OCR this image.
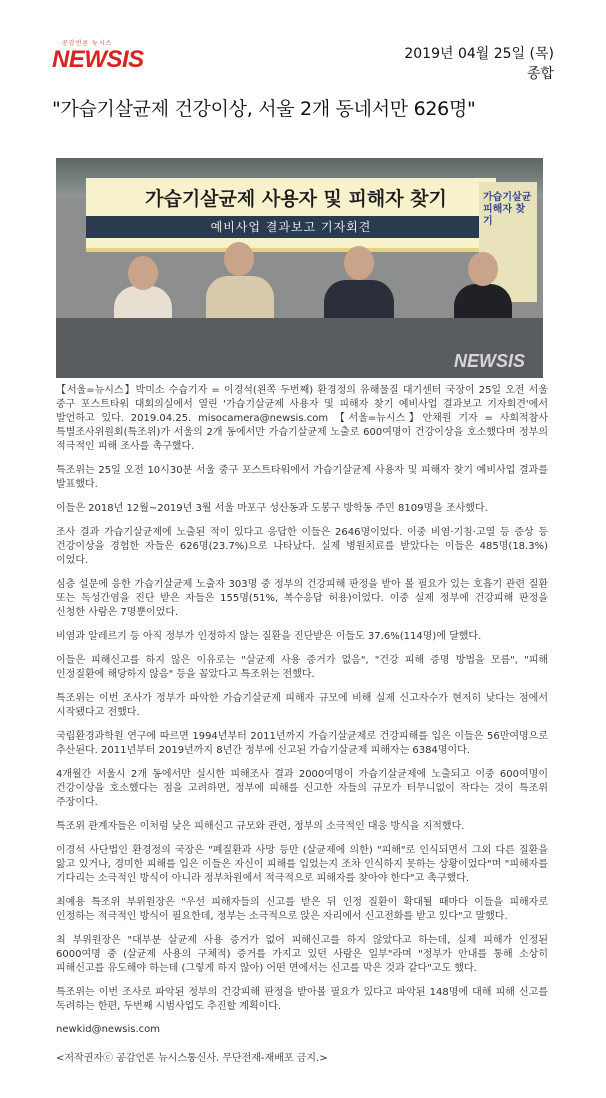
공감언론 뉴시스
NEWSIS	2019년 04월 25일 (목)
종합
"가습기살균제 건강이상, 서울 2개 동네서만 626명"
가습기살균제 사용자 및 피해자 찾기
예비사업 결과보고 기자회견
가습기살균 피해자 찾기
NEWSIS

【서울=뉴시스】박미소 수습기자 = 이경석(왼쪽 두번째) 환경정의 유해물질 대기센터 국장이 25일 오전 서울 중구 포스트타워 대회의실에서 열린 '가습기살균제 사용자 및 피해자 찾기 예비사업 결과보고 기자회견'에서 발언하고 있다. 2019.04.25. misocamera@newsis.com 【서울=뉴시스】안채원 기자 = 사회적참사 특별조사위원회(특조위)가 서울의 2개 동에서만 가습기살균제 노출로 600여명이 건강이상을 호소했다며 정부의 적극적인 피해 조사를 촉구했다.

특조위는 25일 오전 10시30분 서울 중구 포스트타워에서 가습기살균제 사용자 및 피해자 찾기 예비사업 결과를 발표했다.

이들은 2018년 12월~2019년 3월 서울 마포구 성산동과 도봉구 방학동 주민 8109명을 조사했다.

조사 결과 가습기살균제에 노출된 적이 있다고 응답한 이들은 2646명이었다. 이중 비염·기침·고열 등 증상 등 건강이상을 경험한 자들은 626명(23.7%)으로 나타났다. 실제 병원치료를 받았다는 이들은 485명(18.3%)이었다.

심층 설문에 응한 가습기살균제 노출자 303명 중 정부의 건강피해 판정을 받아 볼 필요가 있는 호흡기 관련 질환 또는 독성간염을 진단 받은 자들은 155명(51%, 복수응답 허용)이었다. 이중 실제 정부에 건강피해 판정을 신청한 사람은 7명뿐이었다.

비염과 알레르기 등 아직 정부가 인정하지 않는 질환을 진단받은 이들도 37.6%(114명)에 달했다.

이들은 피해신고를 하지 않은 이유로는 "살균제 사용 증거가 없음", "건강 피해 증명 방법을 모름", "피해 인정질환에 해당하지 않음" 등을 꼽았다고 특조위는 전했다.

특조위는 이번 조사가 정부가 파악한 가습기살균제 피해자 규모에 비해 실제 신고자수가 현저히 낮다는 점에서 시작됐다고 전했다.

국립환경과학원 연구에 따르면 1994년부터 2011년까지 가습기살균제로 건강피해를 입은 이들은 56만여명으로 추산된다. 2011년부터 2019년까지 8년간 정부에 신고된 가습기살균제 피해자는 6384명이다.

4개월간 서울시 2개 동에서만 실시한 피해조사 결과 2000여명이 가습기살균제에 노출되고 이중 600여명이 건강이상을 호소했다는 점을 고려하면, 정부에 피해를 신고한 자들의 규모가 터무니없이 작다는 것이 특조위 주장이다.

특조위 관계자들은 이처럼 낮은 피해신고 규모와 관련, 정부의 소극적인 대응 방식을 지적했다.

이경석 사단법인 환경정의 국장은 "폐질환과 사망 등만 (살균제에 의한) "피해"로 인식되면서 그외 다른 질환을 앓고 있거나, 경미한 피해를 입은 이들은 자신이 피해를 입었는지 조차 인식하지 못하는 상황이었다"며 "피해자를 기다리는 소극적인 방식이 아니라 정부차원에서 적극적으로 피해자를 찾아야 한다"고 촉구했다.

최예용 특조위 부위원장은 "우선 피해자들의 신고를 받은 뒤 인정 질환이 확대될 때마다 이들을 피해자로 인정하는 적극적인 방식이 필요한데, 정부는 소극적으로 앉은 자리에서 신고전화를 받고 있다"고 말했다.

최 부위원장은 "대부분 살균제 사용 증거가 없어 피해신고를 하지 않았다고 하는데, 실제 피해가 인정된 6000여명 중 (살균제 사용의 구체적) 증거를 가지고 있던 사람은 일부"라며 "정부가 안내를 통해 소상히 피해신고를 유도해야 하는데 (그렇게 하지 않아) 어떤 면에서는 신고를 막은 것과 같다"고도 했다.

특조위는 이번 조사로 파악된 정부의 건강피해 판정을 받아볼 필요가 있다고 파악된 148명에 대해 피해 신고를 독려하는 한편, 두번째 시범사업도 추진할 계획이다.

newkid@newsis.com
<저작권자ⓒ 공감언론 뉴시스통신사. 무단전재-재배포 금지.>
